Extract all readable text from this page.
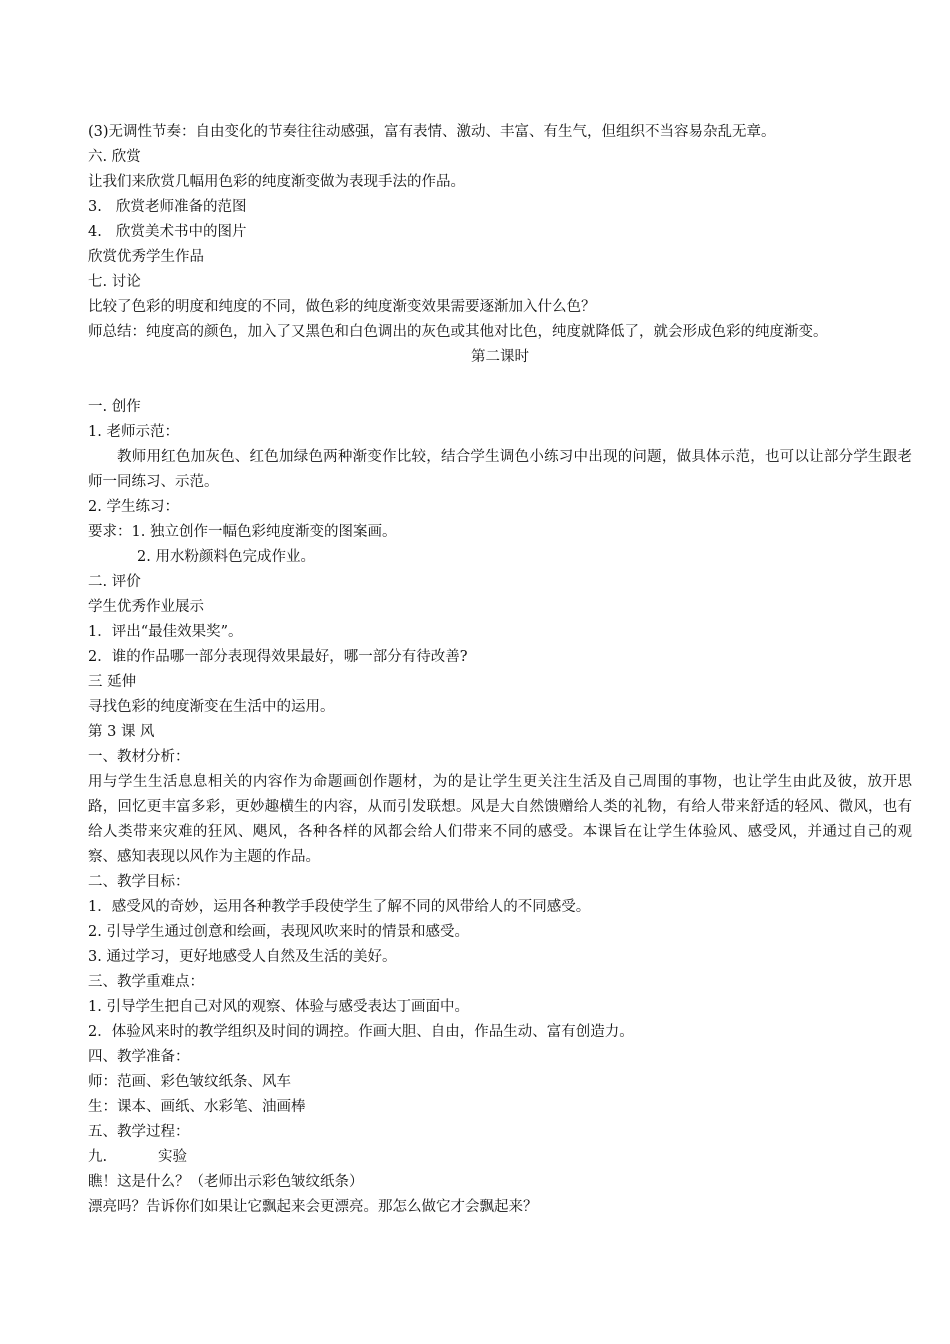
(3)无调性节奏：自由变化的节奏往往动感强，富有表情、激动、丰富、有生气，但组织不当容易杂乱无章。
六. 欣赏
让我们来欣赏几幅用色彩的纯度渐变做为表现手法的作品。
3. 欣赏老师准备的范图
4. 欣赏美术书中的图片
欣赏优秀学生作品
七. 讨论
比较了色彩的明度和纯度的不同，做色彩的纯度渐变效果需要逐渐加入什么色？
师总结：纯度高的颜色，加入了又黑色和白色调出的灰色或其他对比色，纯度就降低了，就会形成色彩的纯度渐变。
第二课时
一. 创作
1. 老师示范：
教师用红色加灰色、红色加绿色两种渐变作比较，结合学生调色小练习中出现的问题，做具体示范，也可以让部分学生跟老师一同练习、示范。
2. 学生练习：
要求：1. 独立创作一幅色彩纯度渐变的图案画。
2. 用水粉颜料色完成作业。
二. 评价
学生优秀作业展示
1．评出“最佳效果奖”。
2．谁的作品哪一部分表现得效果最好，哪一部分有待改善?
三 延伸
寻找色彩的纯度渐变在生活中的运用。
第 3 课 风
一、教材分析：
用与学生生活息息相关的内容作为命题画创作题材，为的是让学生更关注生活及自己周围的事物，也让学生由此及彼，放开思路，回忆更丰富多彩，更妙趣横生的内容，从而引发联想。风是大自然馈赠给人类的礼物，有给人带来舒适的轻风、微风，也有给人类带来灾难的狂风、飓风，各种各样的风都会给人们带来不同的感受。本课旨在让学生体验风、感受风，并通过自己的观察、感知表现以风作为主题的作品。
二、教学目标：
1．感受风的奇妙，运用各种教学手段使学生了解不同的风带给人的不同感受。
2. 引导学生通过创意和绘画，表现风吹来时的情景和感受。
3. 通过学习，更好地感受人自然及生活的美好。
三、教学重难点：
1. 引导学生把自己对风的观察、体验与感受表达丁画面中。
2．体验风来时的教学组织及时间的调控。作画大胆、自由，作品生动、富有创造力。
四、教学准备：
师：范画、彩色皱纹纸条、风车
生：课本、画纸、水彩笔、油画棒
五、教学过程：
九.	实验
瞧！这是什么？（老师出示彩色皱纹纸条）
漂亮吗？告诉你们如果让它飘起来会更漂亮。那怎么做它才会飘起来？
